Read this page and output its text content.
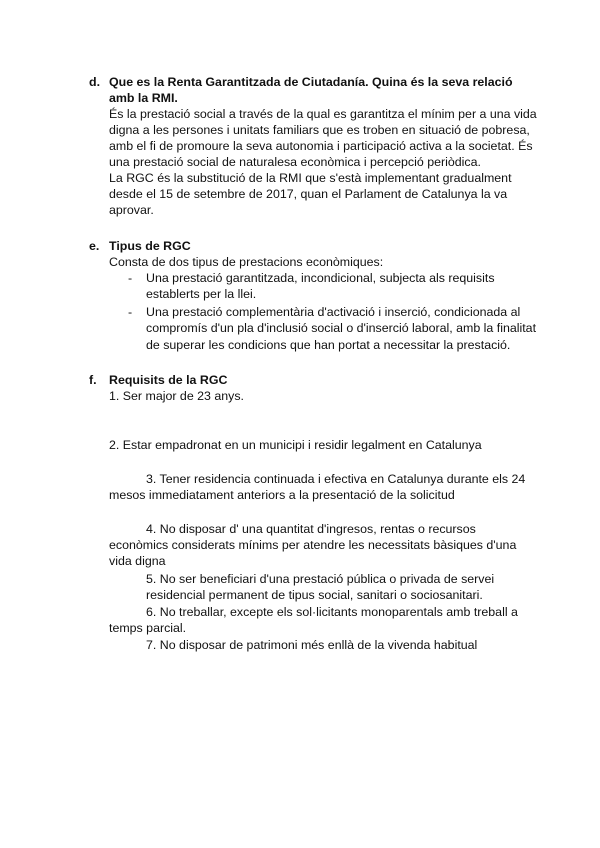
d. Que es la Renta Garantitzada de Ciutadanía. Quina és la seva relació
amb la RMI.
És la prestació social a través de la qual es garantitza el mínim per a una vida
digna a les persones i unitats familiars que es troben en situació de pobresa,
amb el fi de promoure la seva autonomia i participació activa a la societat. És
una prestació social de naturalesa econòmica i percepció periòdica.
La RGC és la substitució de la RMI que s'està implementant gradualment
desde el 15 de setembre de 2017, quan el Parlament de Catalunya la va
aprovar.
e. Tipus de RGC
Consta de dos tipus de prestacions econòmiques:
- Una prestació garantitzada, incondicional, subjecta als requisits
establerts per la llei.
- Una prestació complementària d'activació i inserció, condicionada al
compromís d'un pla d'inclusió social o d'inserció laboral, amb la finalitat
de superar les condicions que han portat a necessitar la prestació.
f. Requisits de la RGC
1. Ser major de 23 anys.
2. Estar empadronat en un municipi i residir legalment en Catalunya
3. Tener residencia continuada i efectiva en Catalunya durante els 24
mesos immediatament anteriors a la presentació de la solicitud
4. No disposar d' una quantitat d'ingresos, rentas o recursos
econòmics considerats mínims per atendre les necessitats bàsiques d'una
vida digna
5. No ser beneficiari d'una prestació pública o privada de servei
residencial permanent de tipus social, sanitari o sociosanitari.
6. No treballar, excepte els sol·licitants monoparentals amb treball a
temps parcial.
7. No disposar de patrimoni més enllà de la vivenda habitual
